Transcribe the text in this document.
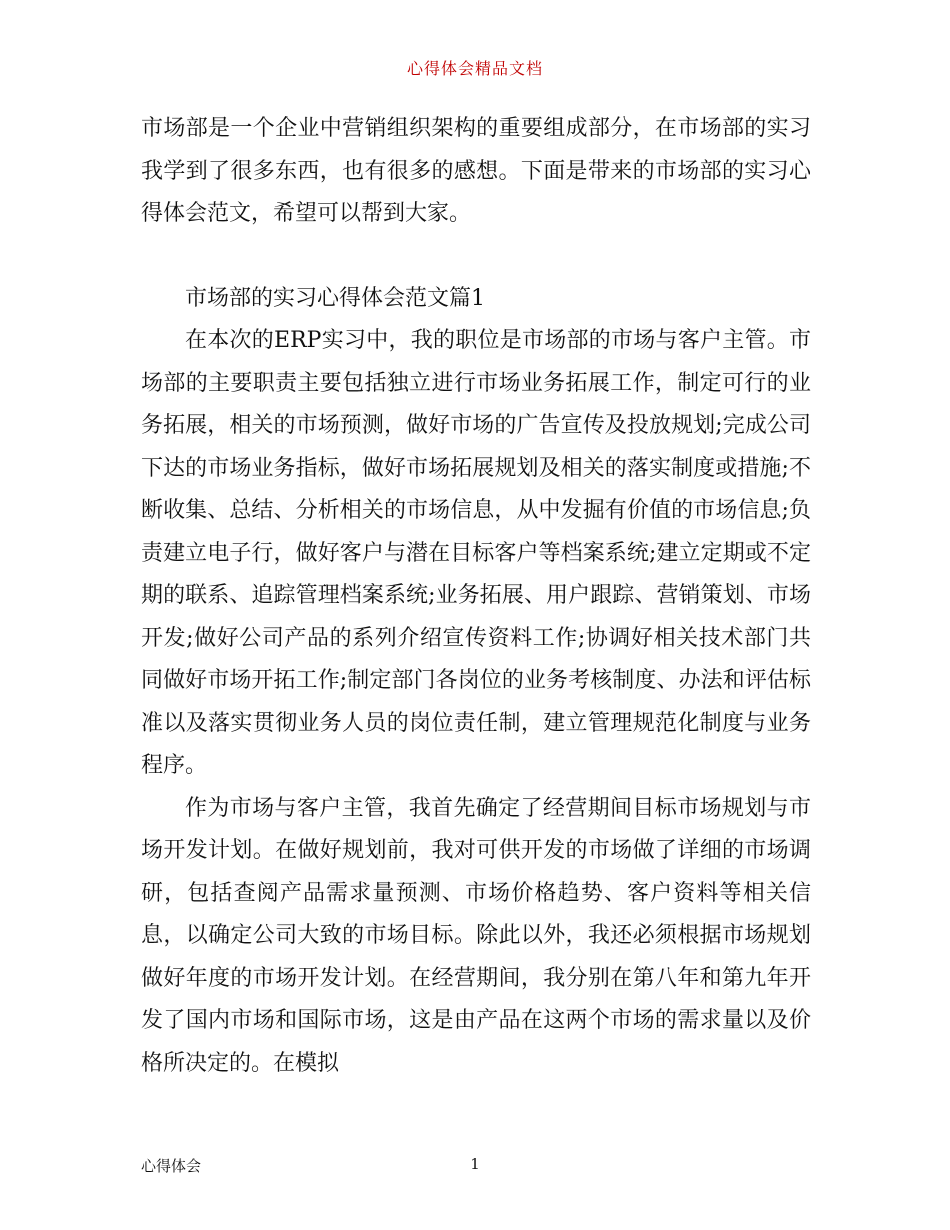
心得体会精品文档

市场部是一个企业中营销组织架构的重要组成部分，在市场部的实习我学到了很多东西，也有很多的感想。下面是带来的市场部的实习心得体会范文，希望可以帮到大家。

市场部的实习心得体会范文篇1

在本次的ERP实习中，我的职位是市场部的市场与客户主管。市场部的主要职责主要包括独立进行市场业务拓展工作，制定可行的业务拓展，相关的市场预测，做好市场的广告宣传及投放规划;完成公司下达的市场业务指标，做好市场拓展规划及相关的落实制度或措施;不断收集、总结、分析相关的市场信息，从中发掘有价值的市场信息;负责建立电子行，做好客户与潜在目标客户等档案系统;建立定期或不定期的联系、追踪管理档案系统;业务拓展、用户跟踪、营销策划、市场开发;做好公司产品的系列介绍宣传资料工作;协调好相关技术部门共同做好市场开拓工作;制定部门各岗位的业务考核制度、办法和评估标准以及落实贯彻业务人员的岗位责任制，建立管理规范化制度与业务程序。

作为市场与客户主管，我首先确定了经营期间目标市场规划与市场开发计划。在做好规划前，我对可供开发的市场做了详细的市场调研，包括查阅产品需求量预测、市场价格趋势、客户资料等相关信息，以确定公司大致的市场目标。除此以外，我还必须根据市场规划做好年度的市场开发计划。在经营期间，我分别在第八年和第九年开发了国内市场和国际市场，这是由产品在这两个市场的需求量以及价格所决定的。在模拟

心得体会	1
